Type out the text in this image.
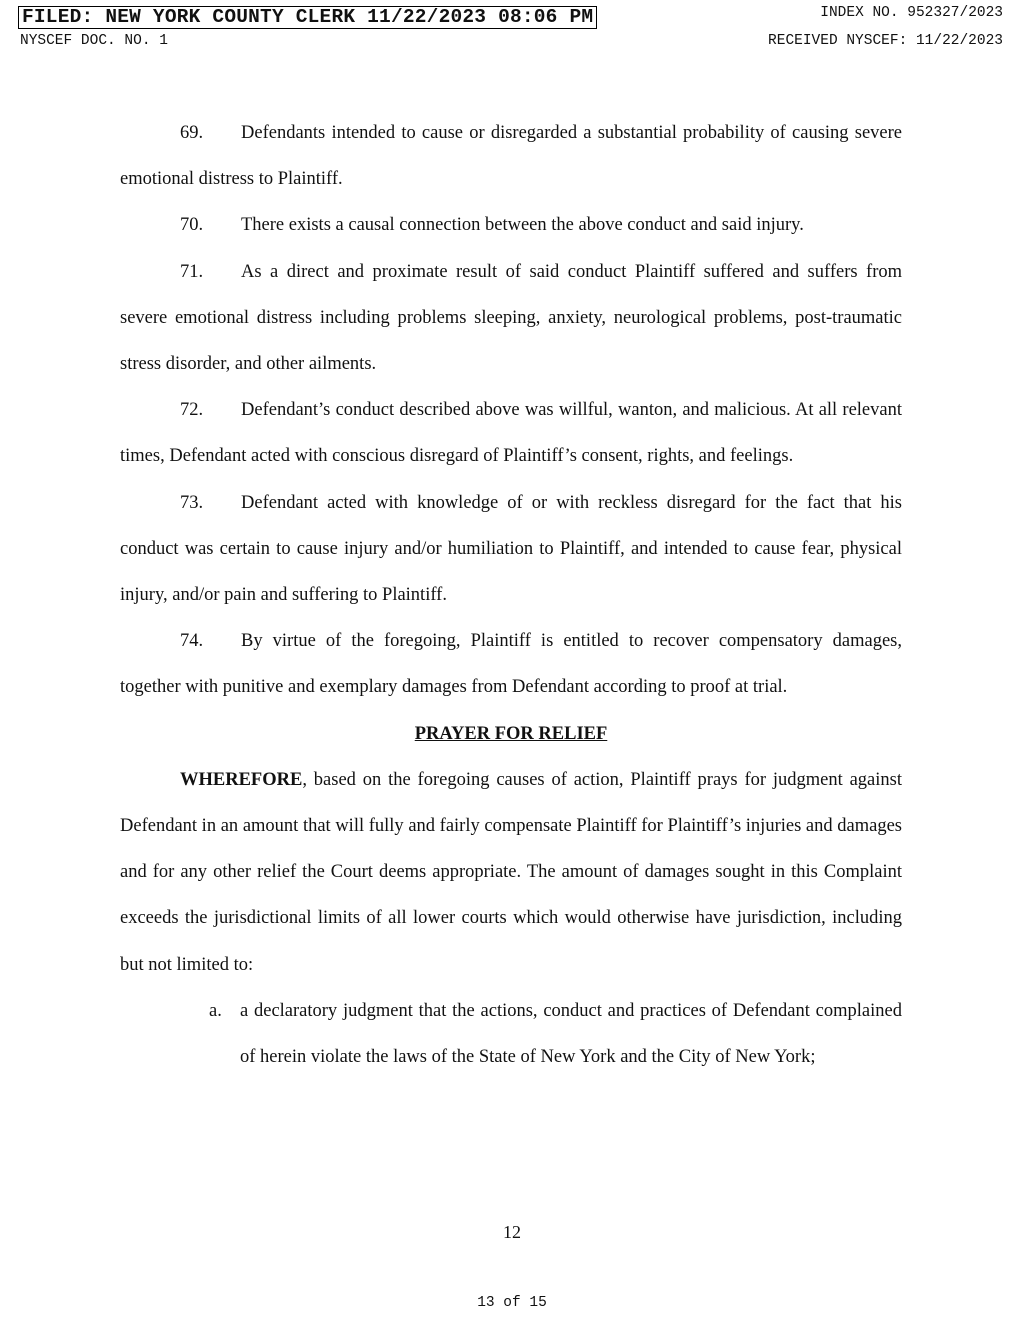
FILED: NEW YORK COUNTY CLERK 11/22/2023 08:06 PM	INDEX NO. 952327/2023
NYSCEF DOC. NO. 1	RECEIVED NYSCEF: 11/22/2023

69. Defendants intended to cause or disregarded a substantial probability of causing severe emotional distress to Plaintiff.

70. There exists a causal connection between the above conduct and said injury.

71. As a direct and proximate result of said conduct Plaintiff suffered and suffers from severe emotional distress including problems sleeping, anxiety, neurological problems, post-traumatic stress disorder, and other ailments.

72. Defendant’s conduct described above was willful, wanton, and malicious. At all relevant times, Defendant acted with conscious disregard of Plaintiff’s consent, rights, and feelings.

73. Defendant acted with knowledge of or with reckless disregard for the fact that his conduct was certain to cause injury and/or humiliation to Plaintiff, and intended to cause fear, physical injury, and/or pain and suffering to Plaintiff.

74. By virtue of the foregoing, Plaintiff is entitled to recover compensatory damages, together with punitive and exemplary damages from Defendant according to proof at trial.

PRAYER FOR RELIEF

WHEREFORE, based on the foregoing causes of action, Plaintiff prays for judgment against Defendant in an amount that will fully and fairly compensate Plaintiff for Plaintiff’s injuries and damages and for any other relief the Court deems appropriate. The amount of damages sought in this Complaint exceeds the jurisdictional limits of all lower courts which would otherwise have jurisdiction, including but not limited to:

a. a declaratory judgment that the actions, conduct and practices of Defendant complained of herein violate the laws of the State of New York and the City of New York;

12
13 of 15
